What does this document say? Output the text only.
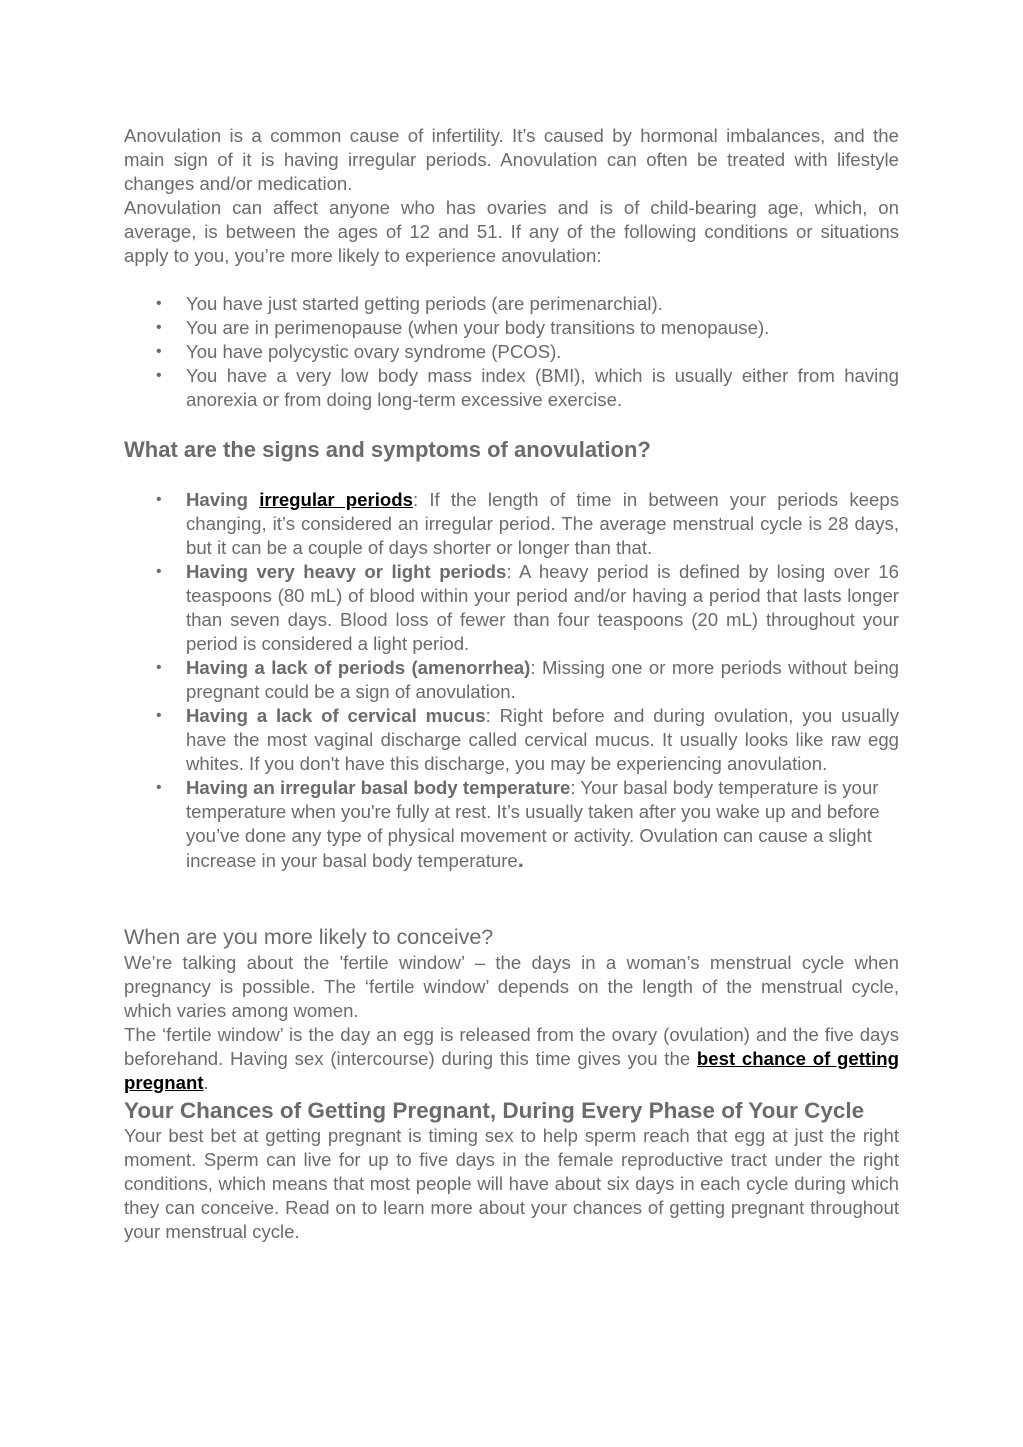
Anovulation is a common cause of infertility. It’s caused by hormonal imbalances, and the main sign of it is having irregular periods. Anovulation can often be treated with lifestyle changes and/or medication.

Anovulation can affect anyone who has ovaries and is of child-bearing age, which, on average, is between the ages of 12 and 51. If any of the following conditions or situations apply to you, you’re more likely to experience anovulation:

• You have just started getting periods (are perimenarchial).
• You are in perimenopause (when your body transitions to menopause).
• You have polycystic ovary syndrome (PCOS).
• You have a very low body mass index (BMI), which is usually either from having anorexia or from doing long-term excessive exercise.
What are the signs and symptoms of anovulation?
• Having irregular periods: If the length of time in between your periods keeps changing, it’s considered an irregular period. The average menstrual cycle is 28 days, but it can be a couple of days shorter or longer than that.
• Having very heavy or light periods: A heavy period is defined by losing over 16 teaspoons (80 mL) of blood within your period and/or having a period that lasts longer than seven days. Blood loss of fewer than four teaspoons (20 mL) throughout your period is considered a light period.
• Having a lack of periods (amenorrhea): Missing one or more periods without being pregnant could be a sign of anovulation.
• Having a lack of cervical mucus: Right before and during ovulation, you usually have the most vaginal discharge called cervical mucus. It usually looks like raw egg whites. If you don't have this discharge, you may be experiencing anovulation.
• Having an irregular basal body temperature: Your basal body temperature is your temperature when you're fully at rest. It’s usually taken after you wake up and before you’ve done any type of physical movement or activity. Ovulation can cause a slight increase in your basal body temperature.
When are you more likely to conceive?

We’re talking about the 'fertile window’ – the days in a woman’s menstrual cycle when pregnancy is possible. The ‘fertile window’ depends on the length of the menstrual cycle, which varies among women.

The ‘fertile window’ is the day an egg is released from the ovary (ovulation) and the five days beforehand. Having sex (intercourse) during this time gives you the best chance of getting pregnant.

Your Chances of Getting Pregnant, During Every Phase of Your Cycle

Your best bet at getting pregnant is timing sex to help sperm reach that egg at just the right moment. Sperm can live for up to five days in the female reproductive tract under the right conditions, which means that most people will have about six days in each cycle during which they can conceive. Read on to learn more about your chances of getting pregnant throughout your menstrual cycle.
